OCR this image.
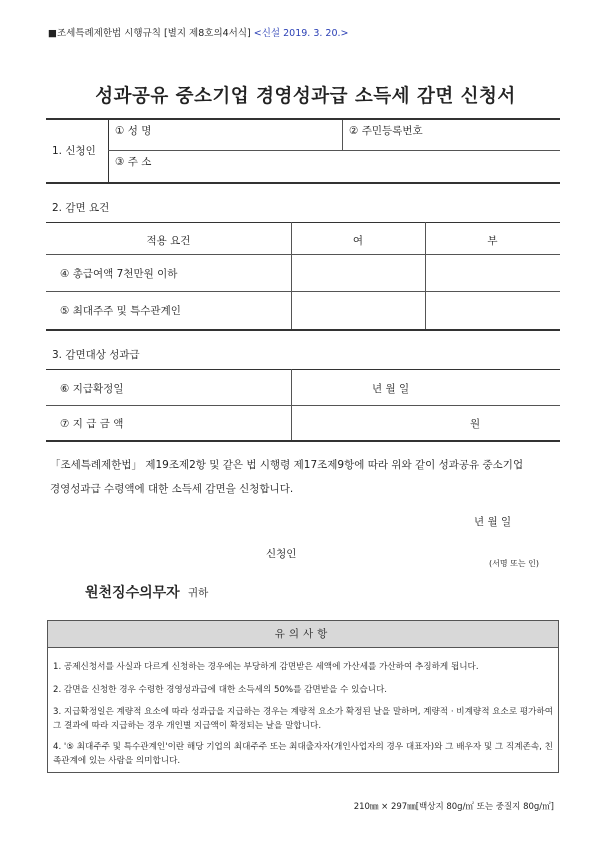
■조세특례제한법 시행규칙 [별지 제8호의4서식] <신설 2019. 3. 20.>
성과공유 중소기업 경영성과급 소득세 감면 신청서
1. 신청인
① 성 명	② 주민등록번호
③ 주 소
2. 감면 요건
적용 요건	여	부
④ 총급여액 7천만원 이하
⑤ 최대주주 및 특수관계인
3. 감면대상 성과급
⑥ 지급확정일	년 월 일
⑦ 지 급 금 액	원
「조세특례제한법」 제19조제2항 및 같은 법 시행령 제17조제9항에 따라 위와 같이 성과공유 중소기업
경영성과급 수령액에 대한 소득세 감면을 신청합니다.
년 월 일
신청인
(서명 또는 인)
원천징수의무자 귀하
유의사항
1. 공제신청서를 사실과 다르게 신청하는 경우에는 부당하게 감면받은 세액에 가산세를 가산하여 추징하게 됩니다.
2. 감면을 신청한 경우 수령한 경영성과급에 대한 소득세의 50%를 감면받을 수 있습니다.
3. 지급확정일은 계량적 요소에 따라 성과급을 지급하는 경우는 계량적 요소가 확정된 날을 말하며, 계량적 · 비계량적 요소로 평가하여 그 결과에 따라 지급하는 경우 개인별 지급액이 확정되는 날을 말합니다.
4. '⑤ 최대주주 및 특수관계인'이란 해당 기업의 최대주주 또는 최대출자자(개인사업자의 경우 대표자)와 그 배우자 및 그 직계존속, 친족관계에 있는 사람을 의미합니다.
210㎜ × 297㎜[백상지 80g/㎡ 또는 중질지 80g/㎡]
